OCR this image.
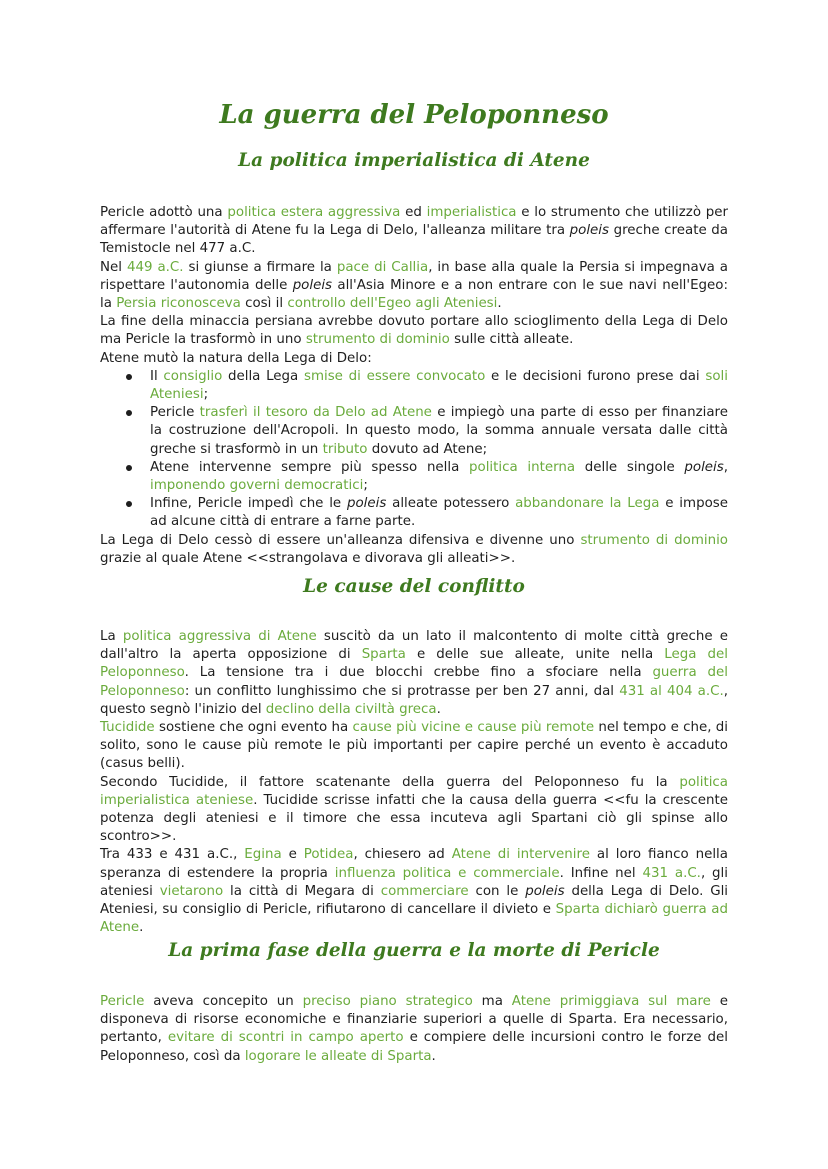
La guerra del Peloponneso
La politica imperialistica di Atene

Pericle adottò una politica estera aggressiva ed imperialistica e lo strumento che utilizzò per affermare l'autorità di Atene fu la Lega di Delo, l'alleanza militare tra poleis greche create da Temistocle nel 477 a.C.

Nel 449 a.C. si giunse a firmare la pace di Callia, in base alla quale la Persia si impegnava a rispettare l'autonomia delle poleis all'Asia Minore e a non entrare con le sue navi nell'Egeo: la Persia riconosceva così il controllo dell'Egeo agli Ateniesi.

La fine della minaccia persiana avrebbe dovuto portare allo scioglimento della Lega di Delo ma Pericle la trasformò in uno strumento di dominio sulle città alleate.

Atene mutò la natura della Lega di Delo:

Il consiglio della Lega smise di essere convocato e le decisioni furono prese dai soli Ateniesi;
Pericle trasferì il tesoro da Delo ad Atene e impiegò una parte di esso per finanziare la costruzione dell'Acropoli. In questo modo, la somma annuale versata dalle città greche si trasformò in un tributo dovuto ad Atene;
Atene intervenne sempre più spesso nella politica interna delle singole poleis, imponendo governi democratici;
Infine, Pericle impedì che le poleis alleate potessero abbandonare la Lega e impose ad alcune città di entrare a farne parte.

La Lega di Delo cessò di essere un'alleanza difensiva e divenne uno strumento di dominio grazie al quale Atene <<strangolava e divorava gli alleati>>.

Le cause del conflitto

La politica aggressiva di Atene suscitò da un lato il malcontento di molte città greche e dall'altro la aperta opposizione di Sparta e delle sue alleate, unite nella Lega del Peloponneso. La tensione tra i due blocchi crebbe fino a sfociare nella guerra del Peloponneso: un conflitto lunghissimo che si protrasse per ben 27 anni, dal 431 al 404 a.C., questo segnò l'inizio del declino della civiltà greca.

Tucidide sostiene che ogni evento ha cause più vicine e cause più remote nel tempo e che, di solito, sono le cause più remote le più importanti per capire perché un evento è accaduto (casus belli).

Secondo Tucidide, il fattore scatenante della guerra del Peloponneso fu la politica imperialistica ateniese. Tucidide scrisse infatti che la causa della guerra <<fu la crescente potenza degli ateniesi e il timore che essa incuteva agli Spartani ciò gli spinse allo scontro>>.

Tra 433 e 431 a.C., Egina e Potidea, chiesero ad Atene di intervenire al loro fianco nella speranza di estendere la propria influenza politica e commerciale. Infine nel 431 a.C., gli ateniesi vietarono la città di Megara di commerciare con le poleis della Lega di Delo. Gli Ateniesi, su consiglio di Pericle, rifiutarono di cancellare il divieto e Sparta dichiarò guerra ad Atene.

La prima fase della guerra e la morte di Pericle

Pericle aveva concepito un preciso piano strategico ma Atene primiggiava sul mare e disponeva di risorse economiche e finanziarie superiori a quelle di Sparta. Era necessario, pertanto, evitare di scontri in campo aperto e compiere delle incursioni contro le forze del Peloponneso, così da logorare le alleate di Sparta.
